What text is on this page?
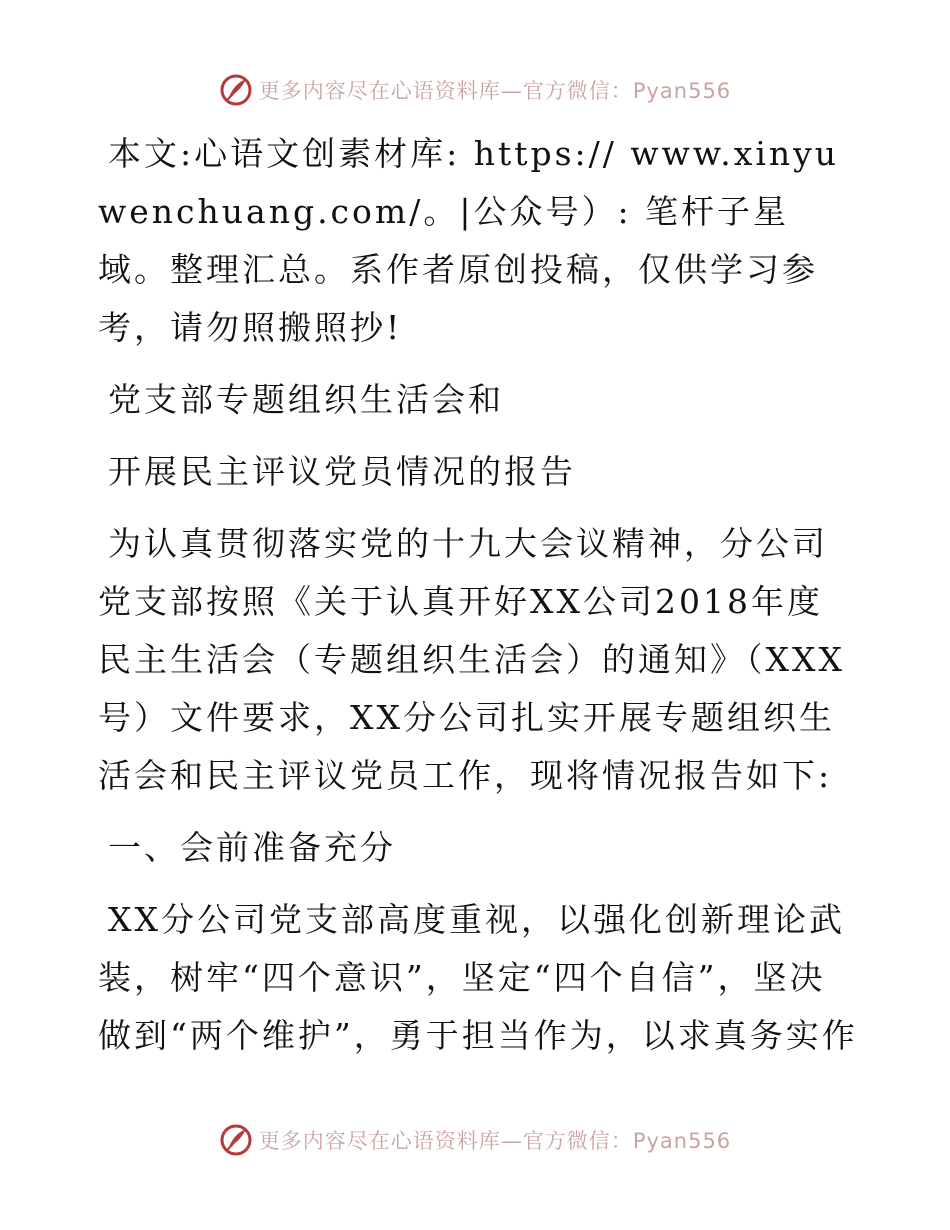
更多内容尽在心语资料库—官方微信：Pyan556

本文:心语文创素材库: https:// www.xinyuwenchuang.com/。|公众号）: 笔杆子星域。整理汇总。系作者原创投稿，仅供学习参考，请勿照搬照抄!

党支部专题组织生活会和

开展民主评议党员情况的报告

为认真贯彻落实党的十九大会议精神，分公司党支部按照《关于认真开好XX公司2018年度民主生活会（专题组织生活会）的通知》（XXX号）文件要求，XX分公司扎实开展专题组织生活会和民主评议党员工作，现将情况报告如下:

一、会前准备充分

XX分公司党支部高度重视，以强化创新理论武装，树牢“四个意识”，坚定“四个自信”，坚决做到“两个维护”，勇于担当作为，以求真务实作

更多内容尽在心语资料库—官方微信：Pyan556
